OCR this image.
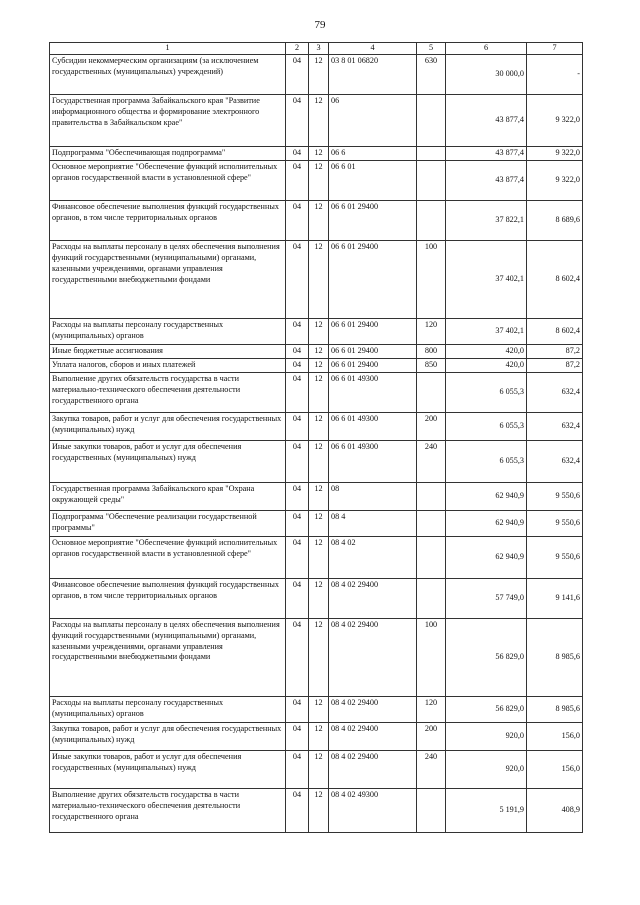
79
1	2	3	4	5	6	7
Субсидии некоммерческим организациям (за исключением государственных (муниципальных) учреждений)	04	12	03 8 01 06820	630	30 000,0	-
Государственная программа Забайкальского края "Развитие информационного общества и формирование электронного правительства в Забайкальском крае"	04	12	06		43 877,4	9 322,0
Подпрограмма "Обеспечивающая подпрограмма"	04	12	06 6		43 877,4	9 322,0
Основное мероприятие "Обеспечение функций исполнительных органов государственной власти в установленной сфере"	04	12	06 6 01		43 877,4	9 322,0
Финансовое обеспечение выполнения функций государственных органов, в том числе территориальных органов	04	12	06 6 01 29400		37 822,1	8 689,6
Расходы на выплаты персоналу в целях обеспечения выполнения функций государственными (муниципальными) органами, казенными учреждениями, органами управления государственными внебюджетными фондами	04	12	06 6 01 29400	100	37 402,1	8 602,4
Расходы на выплаты персоналу государственных (муниципальных) органов	04	12	06 6 01 29400	120	37 402,1	8 602,4
Иные бюджетные ассигнования	04	12	06 6 01 29400	800	420,0	87,2
Уплата налогов, сборов и иных платежей	04	12	06 6 01 29400	850	420,0	87,2
Выполнение других обязательств государства в части материально-технического обеспечения деятельности государственного органа	04	12	06 6 01 49300		6 055,3	632,4
Закупка товаров, работ и услуг для обеспечения государственных (муниципальных) нужд	04	12	06 6 01 49300	200	6 055,3	632,4
Иные закупки товаров, работ и услуг для обеспечения государственных (муниципальных) нужд	04	12	06 6 01 49300	240	6 055,3	632,4
Государственная программа Забайкальского края "Охрана окружающей среды"	04	12	08		62 940,9	9 550,6
Подпрограмма "Обеспечение реализации государственной программы"	04	12	08 4		62 940,9	9 550,6
Основное мероприятие "Обеспечение функций исполнительных органов государственной власти в установленной сфере"	04	12	08 4 02		62 940,9	9 550,6
Финансовое обеспечение выполнения функций государственных органов, в том числе территориальных органов	04	12	08 4 02 29400		57 749,0	9 141,6
Расходы на выплаты персоналу в целях обеспечения выполнения функций государственными (муниципальными) органами, казенными учреждениями, органами управления государственными внебюджетными фондами	04	12	08 4 02 29400	100	56 829,0	8 985,6
Расходы на выплаты персоналу государственных (муниципальных) органов	04	12	08 4 02 29400	120	56 829,0	8 985,6
Закупка товаров, работ и услуг для обеспечения государственных (муниципальных) нужд	04	12	08 4 02 29400	200	920,0	156,0
Иные закупки товаров, работ и услуг для обеспечения государственных (муниципальных) нужд	04	12	08 4 02 29400	240	920,0	156,0
Выполнение других обязательств государства в части материально-технического обеспечения деятельности государственного органа	04	12	08 4 02 49300		5 191,9	408,9
